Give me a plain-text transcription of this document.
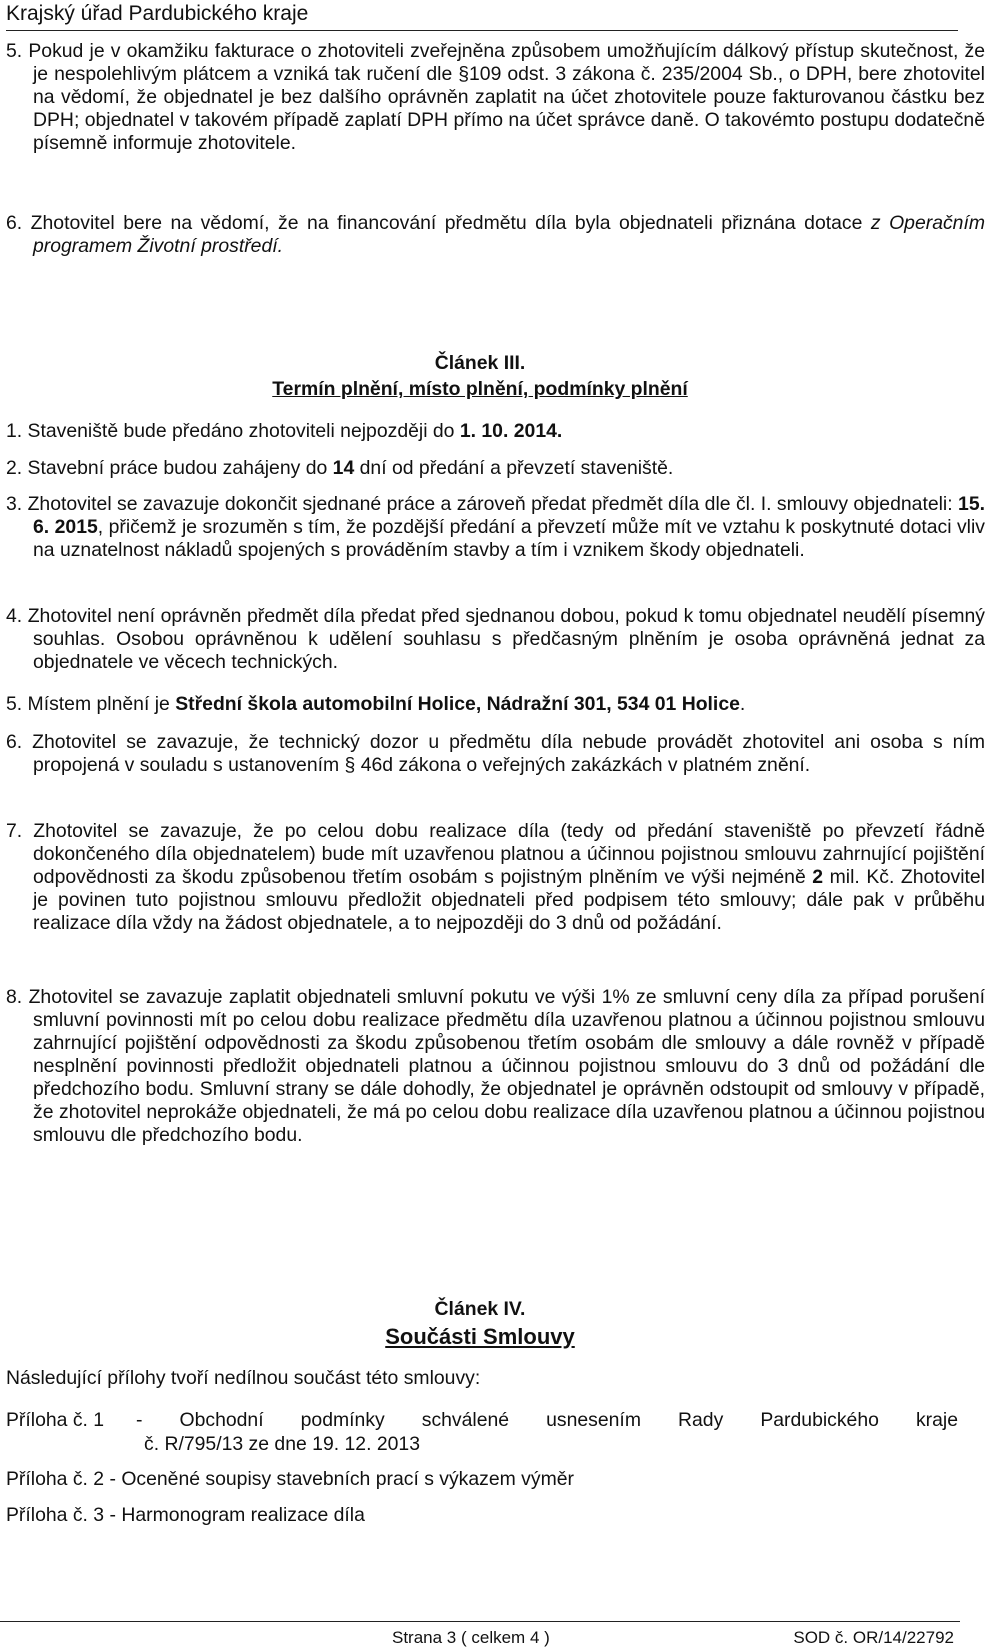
Krajský úřad Pardubického kraje
5. Pokud je v okamžiku fakturace o zhotoviteli zveřejněna způsobem umožňujícím dálkový přístup skutečnost, že je nespolehlivým plátcem a vzniká tak ručení dle §109 odst. 3 zákona č. 235/2004 Sb., o DPH, bere zhotovitel na vědomí, že objednatel je bez dalšího oprávněn zaplatit na účet zhotovitele pouze fakturovanou částku bez DPH; objednatel v takovém případě zaplatí DPH přímo na účet správce daně. O takovémto postupu dodatečně písemně informuje zhotovitele.
6. Zhotovitel bere na vědomí, že na financování předmětu díla byla objednateli přiznána dotace z Operačním programem Životní prostředí.
Článek III.
Termín plnění, místo plnění, podmínky plnění
1. Staveniště bude předáno zhotoviteli nejpozději do 1. 10. 2014.
2. Stavební práce budou zahájeny do 14 dní od předání a převzetí staveniště.
3. Zhotovitel se zavazuje dokončit sjednané práce a zároveň předat předmět díla dle čl. I. smlouvy objednateli: 15. 6. 2015, přičemž je srozuměn s tím, že pozdější předání a převzetí může mít ve vztahu k poskytnuté dotaci vliv na uznatelnost nákladů spojených s prováděním stavby a tím i vznikem škody objednateli.
4. Zhotovitel není oprávněn předmět díla předat před sjednanou dobou, pokud k tomu objednatel neudělí písemný souhlas. Osobou oprávněnou k udělení souhlasu s předčasným plněním je osoba oprávněná jednat za objednatele ve věcech technických.
5. Místem plnění je Střední škola automobilní Holice, Nádražní 301, 534 01 Holice.
6. Zhotovitel se zavazuje, že technický dozor u předmětu díla nebude provádět zhotovitel ani osoba s ním propojená v souladu s ustanovením § 46d zákona o veřejných zakázkách v platném znění.
7. Zhotovitel se zavazuje, že po celou dobu realizace díla (tedy od předání staveniště po převzetí řádně dokončeného díla objednatelem) bude mít uzavřenou platnou a účinnou pojistnou smlouvu zahrnující pojištění odpovědnosti za škodu způsobenou třetím osobám s pojistným plněním ve výši nejméně 2 mil. Kč. Zhotovitel je povinen tuto pojistnou smlouvu předložit objednateli před podpisem této smlouvy; dále pak v průběhu realizace díla vždy na žádost objednatele, a to nejpozději do 3 dnů od požádání.
8. Zhotovitel se zavazuje zaplatit objednateli smluvní pokutu ve výši 1% ze smluvní ceny díla za případ porušení smluvní povinnosti mít po celou dobu realizace předmětu díla uzavřenou platnou a účinnou pojistnou smlouvu zahrnující pojištění odpovědnosti za škodu způsobenou třetím osobám dle smlouvy a dále rovněž v případě nesplnění povinnosti předložit objednateli platnou a účinnou pojistnou smlouvu do 3 dnů od požádání dle předchozího bodu. Smluvní strany se dále dohodly, že objednatel je oprávněn odstoupit od smlouvy v případě, že zhotovitel neprokáže objednateli, že má po celou dobu realizace díla uzavřenou platnou a účinnou pojistnou smlouvu dle předchozího bodu.
Článek IV.
Součásti Smlouvy
Následující přílohy tvoří nedílnou součást této smlouvy:
Příloha č. 1 - Obchodní podmínky schválené usnesením Rady Pardubického kraje
č. R/795/13 ze dne 19. 12. 2013
Příloha č. 2 - Oceněné soupisy stavebních prací s výkazem výměr
Příloha č. 3 - Harmonogram realizace díla
Strana 3 ( celkem 4 )	SOD č. OR/14/22792
